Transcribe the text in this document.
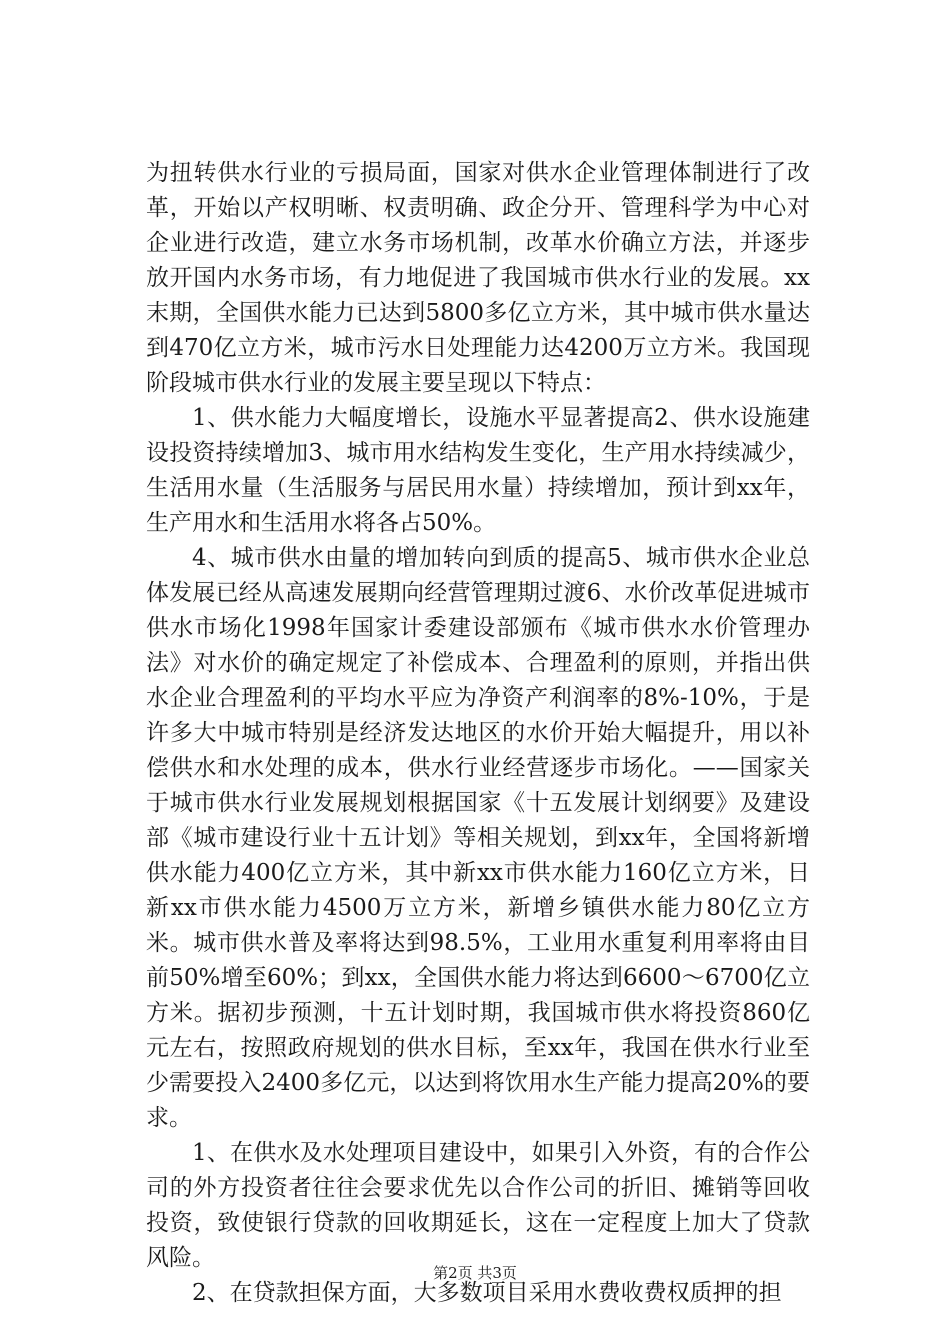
为扭转供水行业的亏损局面，国家对供水企业管理体制进行了改革，开始以产权明晰、权责明确、政企分开、管理科学为中心对企业进行改造，建立水务市场机制，改革水价确立方法，并逐步放开国内水务市场，有力地促进了我国城市供水行业的发展。xx末期，全国供水能力已达到5800多亿立方米，其中城市供水量达到470亿立方米，城市污水日处理能力达4200万立方米。我国现阶段城市供水行业的发展主要呈现以下特点：

1、供水能力大幅度增长，设施水平显著提高2、供水设施建设投资持续增加3、城市用水结构发生变化，生产用水持续减少，生活用水量（生活服务与居民用水量）持续增加，预计到xx年，生产用水和生活用水将各占50%。

4、城市供水由量的增加转向到质的提高5、城市供水企业总体发展已经从高速发展期向经营管理期过渡6、水价改革促进城市供水市场化1998年国家计委建设部颁布《城市供水水价管理办法》对水价的确定规定了补偿成本、合理盈利的原则，并指出供水企业合理盈利的平均水平应为净资产利润率的8%-10%，于是许多大中城市特别是经济发达地区的水价开始大幅提升，用以补偿供水和水处理的成本，供水行业经营逐步市场化。——国家关于城市供水行业发展规划根据国家《十五发展计划纲要》及建设部《城市建设行业十五计划》等相关规划，到xx年，全国将新增供水能力400亿立方米，其中新xx市供水能力160亿立方米，日新xx市供水能力4500万立方米，新增乡镇供水能力80亿立方米。城市供水普及率将达到98.5%，工业用水重复利用率将由目前50%增至60%；到xx，全国供水能力将达到6600～6700亿立方米。据初步预测，十五计划时期，我国城市供水将投资860亿元左右，按照政府规划的供水目标，至xx年，我国在供水行业至少需要投入2400多亿元，以达到将饮用水生产能力提高20%的要求。

1、在供水及水处理项目建设中，如果引入外资，有的合作公司的外方投资者往往会要求优先以合作公司的折旧、摊销等回收投资，致使银行贷款的回收期延长，这在一定程度上加大了贷款风险。

2、在贷款担保方面，大多数项目采用水费收费权质押的担

第2页 共3页
